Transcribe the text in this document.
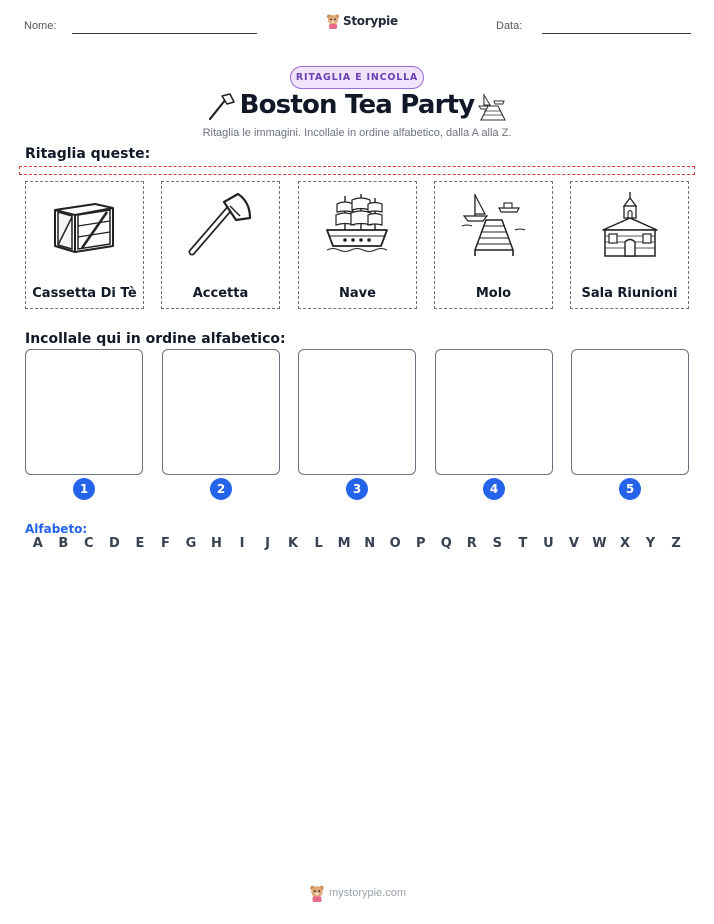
Nome:	Storypie	Data:
RITAGLIA E INCOLLA
Boston Tea Party
Ritaglia le immagini. Incollale in ordine alfabetico, dalla A alla Z.
Ritaglia queste:
Cassetta Di Tè	Accetta	Nave	Molo	Sala Riunioni
Incollale qui in ordine alfabetico:
1	2	3	4	5
Alfabeto:
A	B	C	D	E	F	G	H	I	J	K	L	M	N	O	P	Q	R	S	T	U	V	W	X	Y	Z
mystorypie.com
